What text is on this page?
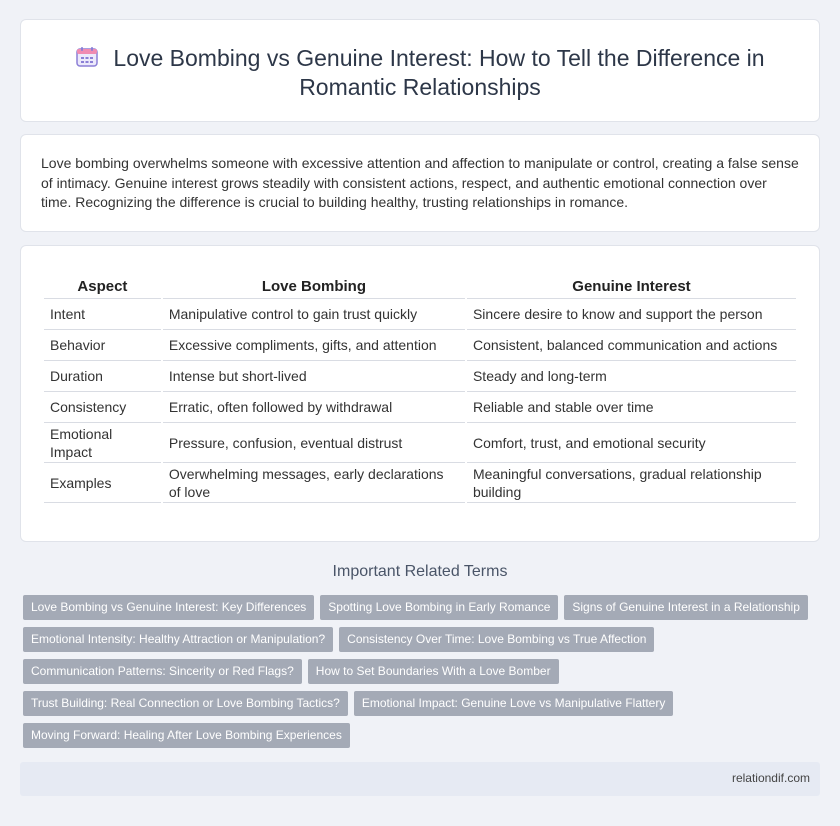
Love Bombing vs Genuine Interest: How to Tell the Difference in Romantic Relationships

Love bombing overwhelms someone with excessive attention and affection to manipulate or control, creating a false sense of intimacy. Genuine interest grows steadily with consistent actions, respect, and authentic emotional connection over time. Recognizing the difference is crucial to building healthy, trusting relationships in romance.

Aspect	Love Bombing	Genuine Interest
Intent	Manipulative control to gain trust quickly	Sincere desire to know and support the person
Behavior	Excessive compliments, gifts, and attention	Consistent, balanced communication and actions
Duration	Intense but short-lived	Steady and long-term
Consistency	Erratic, often followed by withdrawal	Reliable and stable over time
Emotional Impact	Pressure, confusion, eventual distrust	Comfort, trust, and emotional security
Examples	Overwhelming messages, early declarations of love	Meaningful conversations, gradual relationship building
Important Related Terms
Love Bombing vs Genuine Interest: Key Differences Spotting Love Bombing in Early Romance Signs of Genuine Interest in a Relationship
Emotional Intensity: Healthy Attraction or Manipulation? Consistency Over Time: Love Bombing vs True Affection
Communication Patterns: Sincerity or Red Flags? How to Set Boundaries With a Love Bomber
Trust Building: Real Connection or Love Bombing Tactics? Emotional Impact: Genuine Love vs Manipulative Flattery
Moving Forward: Healing After Love Bombing Experiences
relationdif.com
